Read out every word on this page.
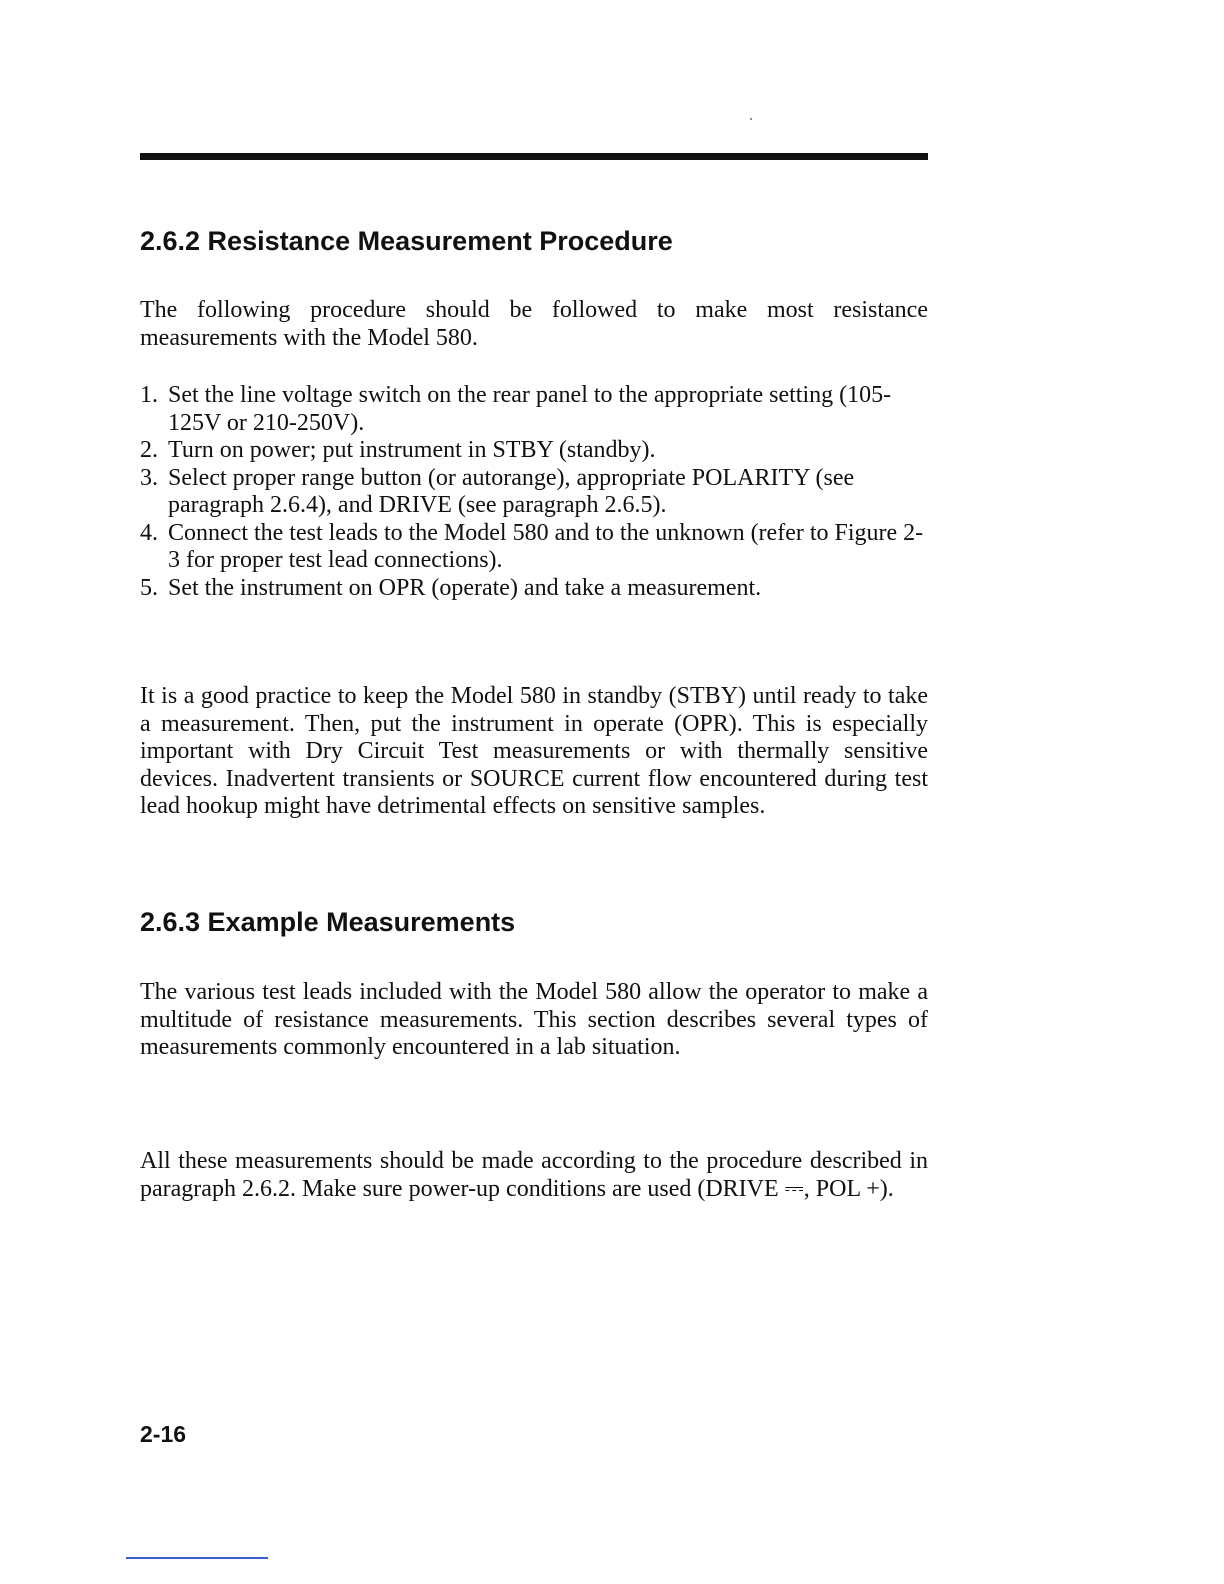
2.6.2 Resistance Measurement Procedure

The following procedure should be followed to make most resistance measurements with the Model 580.

1. Set the line voltage switch on the rear panel to the appropriate setting (105-125V or 210-250V).
2. Turn on power; put instrument in STBY (standby).
3. Select proper range button (or autorange), appropriate POLARITY (see paragraph 2.6.4), and DRIVE (see paragraph 2.6.5).
4. Connect the test leads to the Model 580 and to the unknown (refer to Figure 2-3 for proper test lead connections).
5. Set the instrument on OPR (operate) and take a measurement.

It is a good practice to keep the Model 580 in standby (STBY) until ready to take a measurement. Then, put the instrument in operate (OPR). This is especially important with Dry Circuit Test measurements or with thermally sensitive devices. Inadvertent transients or SOURCE current flow encountered during test lead hookup might have detrimental effects on sensitive samples.

2.6.3 Example Measurements

The various test leads included with the Model 580 allow the operator to make a multitude of resistance measurements. This section describes several types of measurements commonly encountered in a lab situation.

All these measurements should be made according to the procedure described in paragraph 2.6.2. Make sure power-up conditions are used (DRIVE ⎓, POL +).

2-16
